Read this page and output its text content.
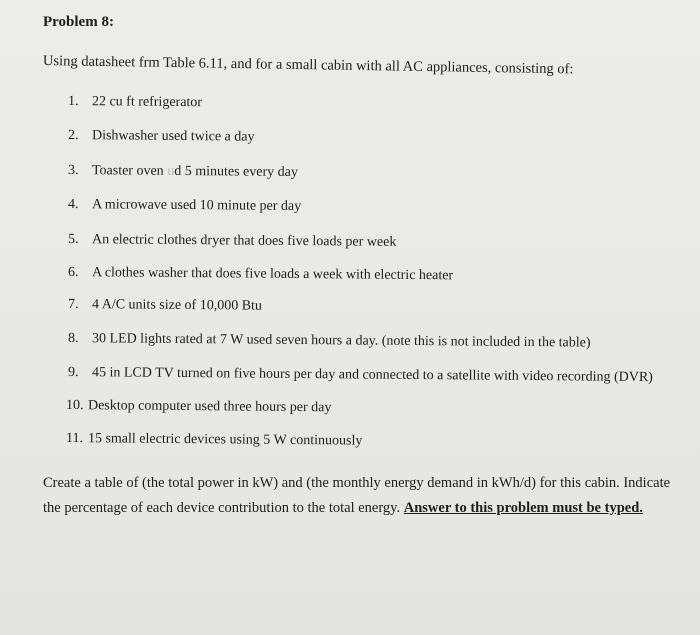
Problem 8:
Using datasheet frm Table 6.11, and for a small cabin with all AC appliances, consisting of:
1. 22 cu ft refrigerator
2. Dishwasher used twice a day
3. Toaster oven ud 5 minutes every day
4. A microwave used 10 minute per day
5. An electric clothes dryer that does five loads per week
6. A clothes washer that does five loads a week with electric heater
7. 4 A/C units size of 10,000 Btu
8. 30 LED lights rated at 7 W used seven hours a day. (note this is not included in the table)
9. 45 in LCD TV turned on five hours per day and connected to a satellite with video recording (DVR)
10. Desktop computer used three hours per day
11. 15 small electric devices using 5 W continuously
Create a table of (the total power in kW) and (the monthly energy demand in kWh/d) for this cabin. Indicate
the percentage of each device contribution to the total energy. Answer to this problem must be typed.
